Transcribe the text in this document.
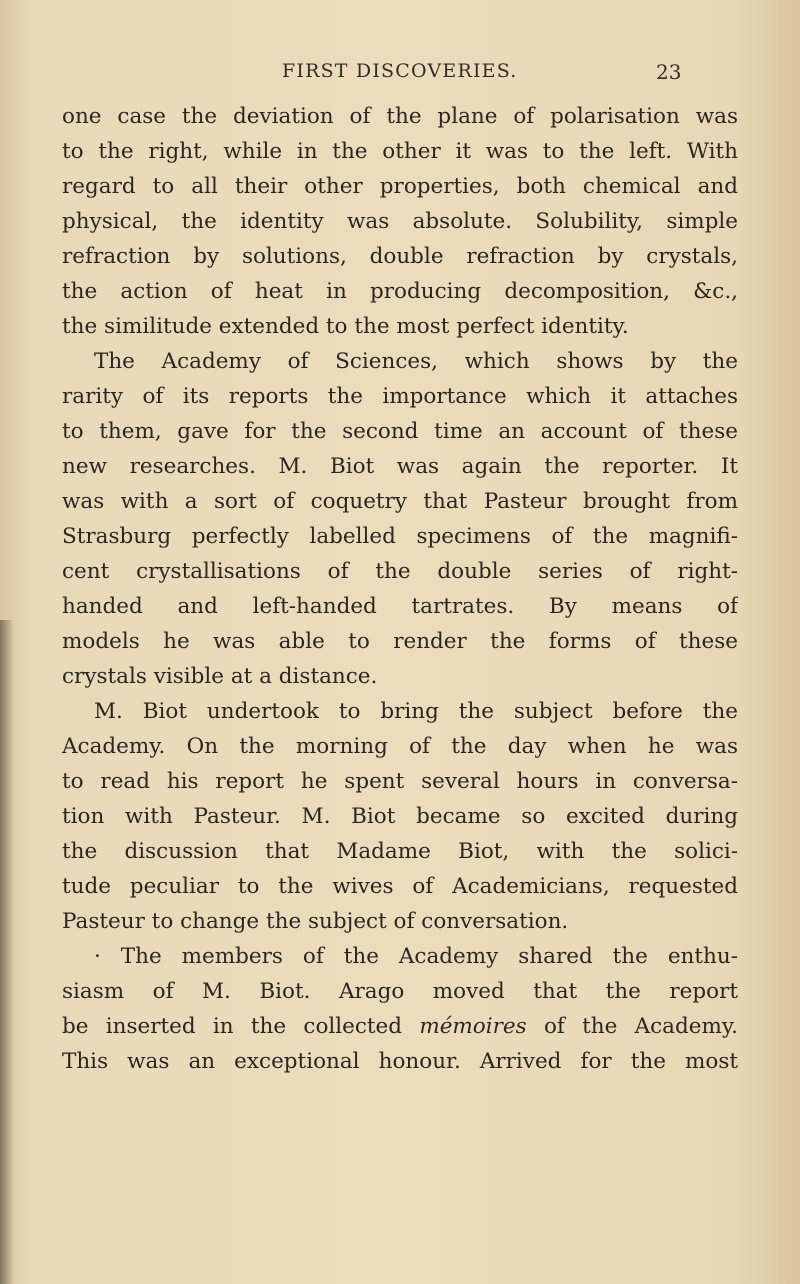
FIRST DISCOVERIES.	23
one case the deviation of the plane of polarisation was
to the right, while in the other it was to the left. With
regard to all their other properties, both chemical and
physical, the identity was absolute. Solubility, simple
refraction by solutions, double refraction by crystals,
the action of heat in producing decomposition, &c.,
the similitude extended to the most perfect identity.
The Academy of Sciences, which shows by the
rarity of its reports the importance which it attaches
to them, gave for the second time an account of these
new researches. M. Biot was again the reporter. It
was with a sort of coquetry that Pasteur brought from
Strasburg perfectly labelled specimens of the magnifi-
cent crystallisations of the double series of right-
handed and left-handed tartrates. By means of
models he was able to render the forms of these
crystals visible at a distance.
M. Biot undertook to bring the subject before the
Academy. On the morning of the day when he was
to read his report he spent several hours in conversa-
tion with Pasteur. M. Biot became so excited during
the discussion that Madame Biot, with the solici-
tude peculiar to the wives of Academicians, requested
Pasteur to change the subject of conversation.
· The members of the Academy shared the enthu-
siasm of M. Biot. Arago moved that the report
be inserted in the collected mémoires of the Academy.
This was an exceptional honour. Arrived for the most
